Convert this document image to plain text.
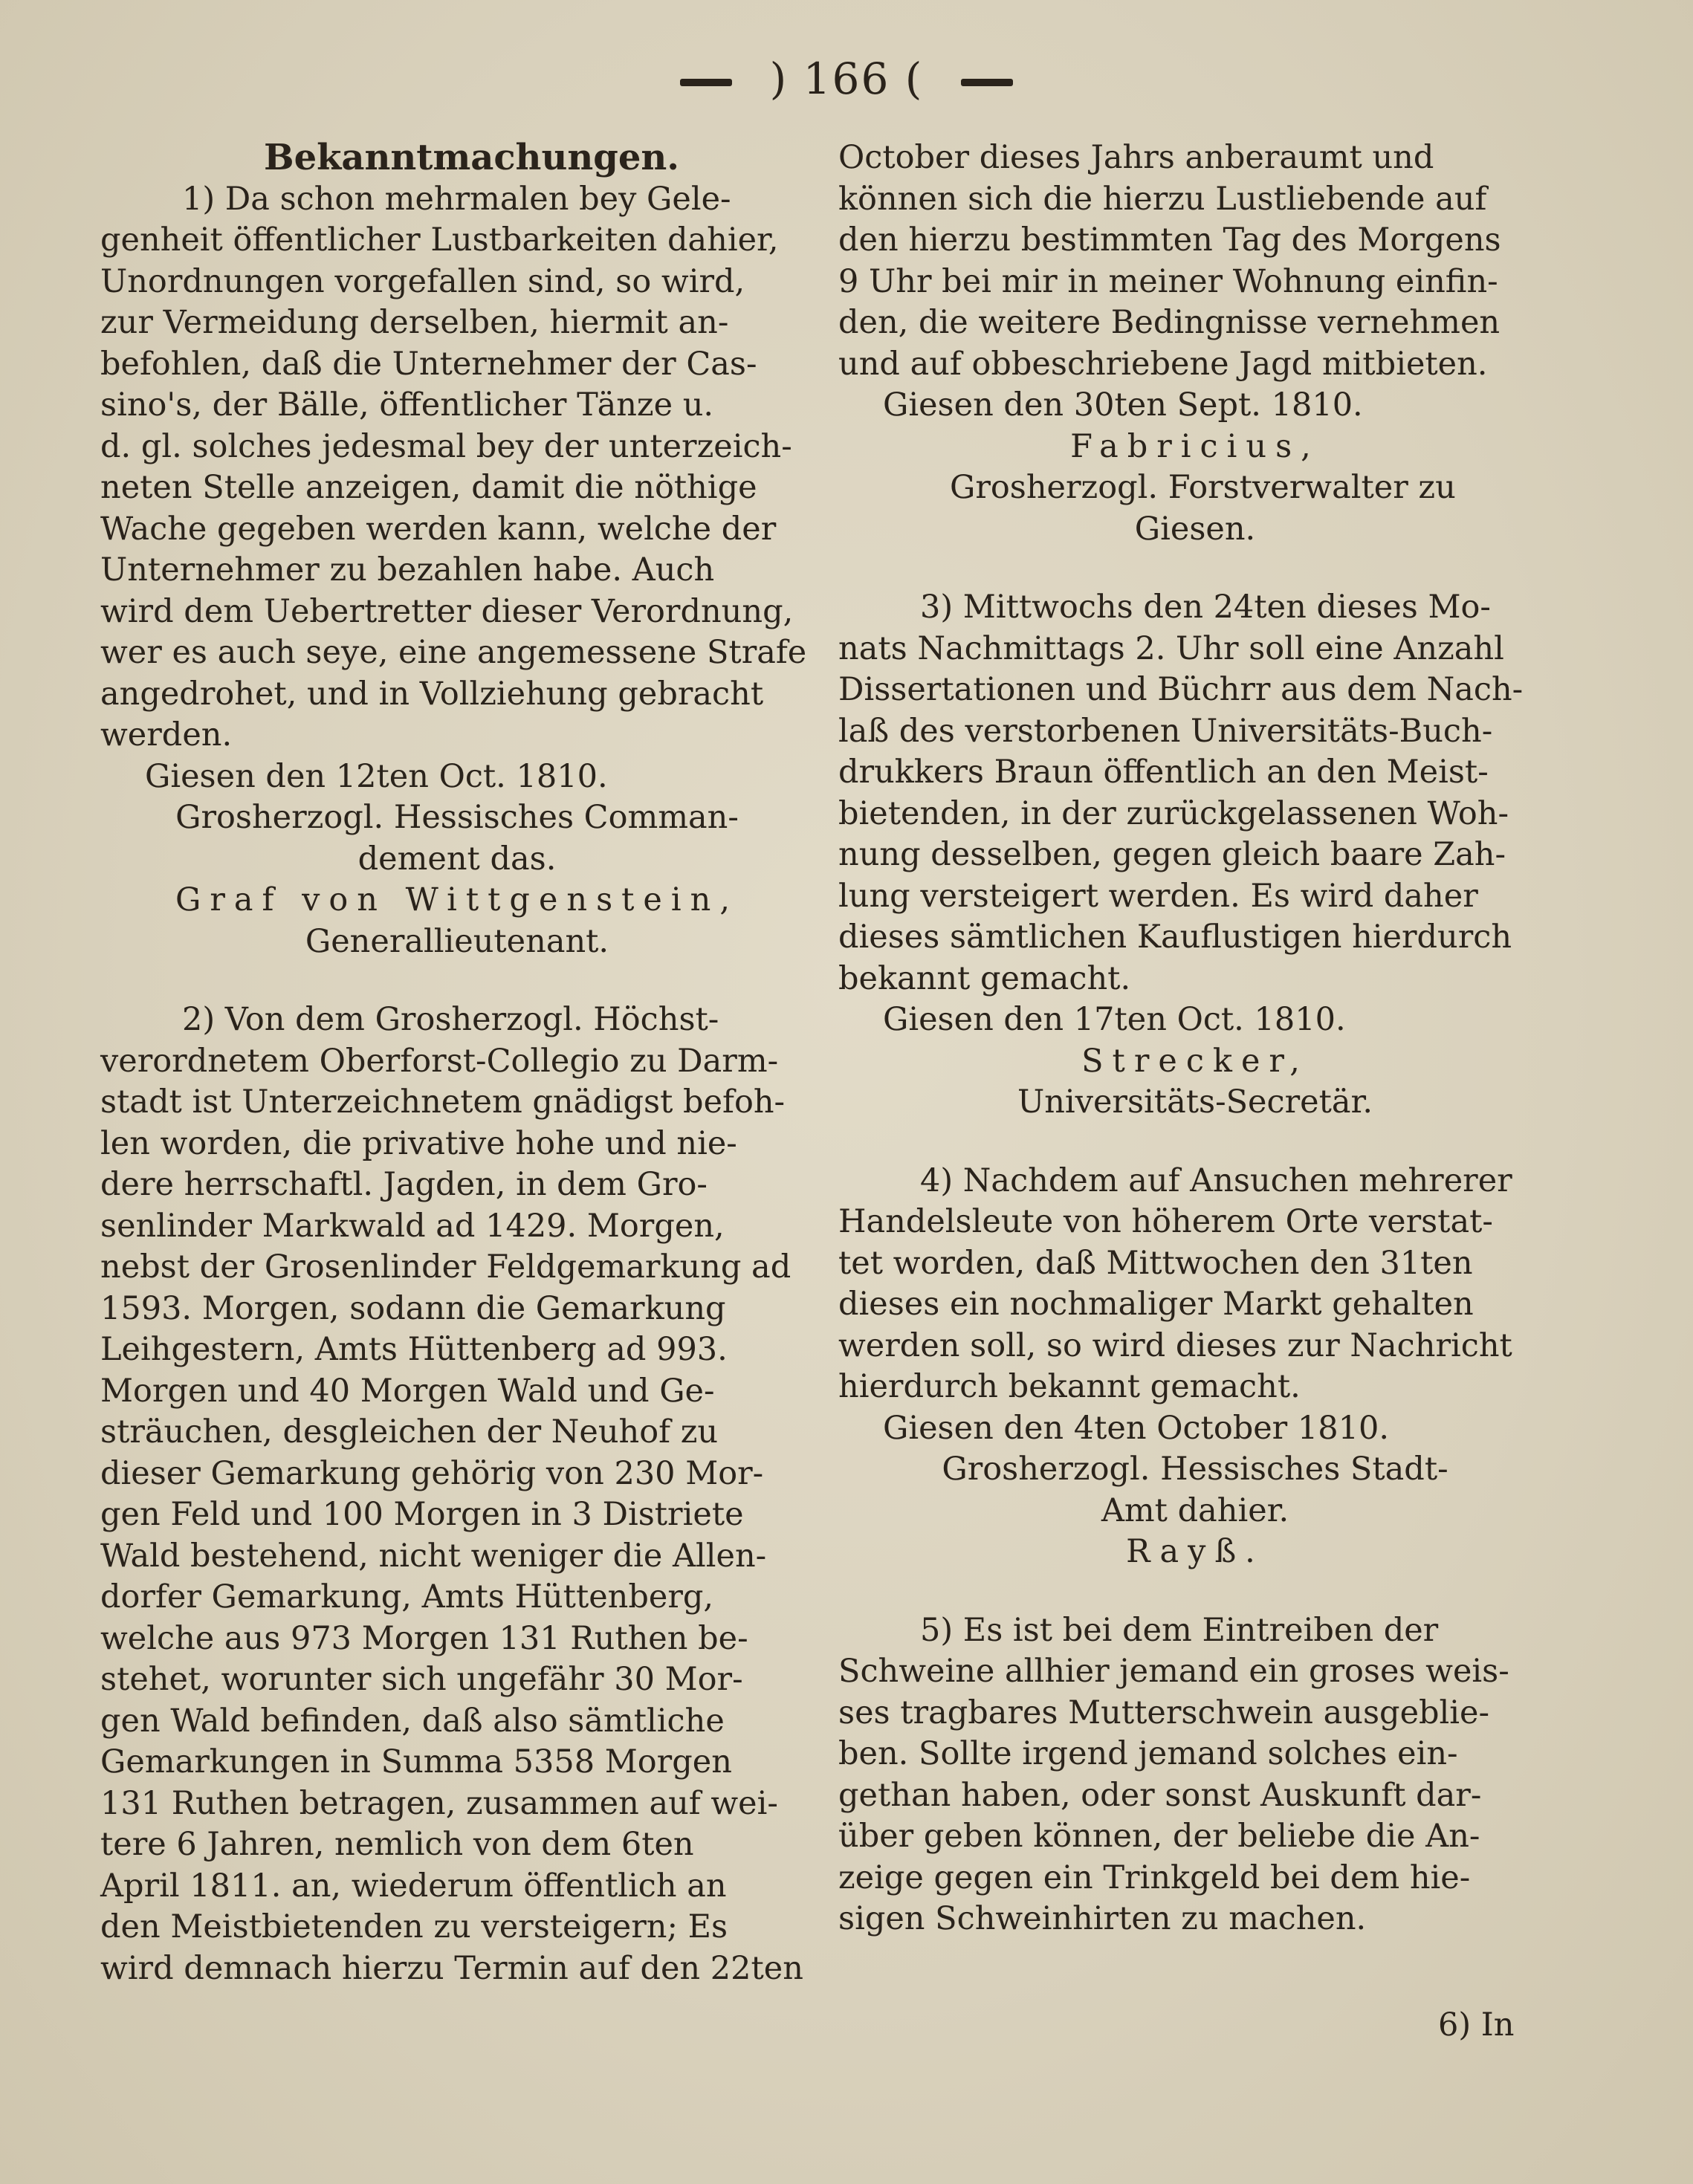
) 166 (

Bekanntmachungen.

1) Da schon mehrmalen bey Gele-

genheit öffentlicher Lustbarkeiten dahier,

Unordnungen vorgefallen sind, so wird,

zur Vermeidung derselben, hiermit an-

befohlen, daß die Unternehmer der Cas-

sino's, der Bälle, öffentlicher Tänze u.

d. gl. solches jedesmal bey der unterzeich-

neten Stelle anzeigen, damit die nöthige

Wache gegeben werden kann, welche der

Unternehmer zu bezahlen habe. Auch

wird dem Uebertretter dieser Verordnung,

wer es auch seye, eine angemessene Strafe

angedrohet, und in Vollziehung gebracht

werden.

Giesen den 12ten Oct. 1810.

Grosherzogl. Hessisches Comman-

dement das.

Graf von Wittgenstein,

Generallieutenant.

2) Von dem Grosherzogl. Höchst-

verordnetem Oberforst-Collegio zu Darm-

stadt ist Unterzeichnetem gnädigst befoh-

len worden, die privative hohe und nie-

dere herrschaftl. Jagden, in dem Gro-

senlinder Markwald ad 1429. Morgen,

nebst der Grosenlinder Feldgemarkung ad

1593. Morgen, sodann die Gemarkung

Leihgestern, Amts Hüttenberg ad 993.

Morgen und 40 Morgen Wald und Ge-

sträuchen, desgleichen der Neuhof zu

dieser Gemarkung gehörig von 230 Mor-

gen Feld und 100 Morgen in 3 Distriete

Wald bestehend, nicht weniger die Allen-

dorfer Gemarkung, Amts Hüttenberg,

welche aus 973 Morgen 131 Ruthen be-

stehet, worunter sich ungefähr 30 Mor-

gen Wald befinden, daß also sämtliche

Gemarkungen in Summa 5358 Morgen

131 Ruthen betragen, zusammen auf wei-

tere 6 Jahren, nemlich von dem 6ten

April 1811. an, wiederum öffentlich an

den Meistbietenden zu versteigern; Es

wird demnach hierzu Termin auf den 22ten

October dieses Jahrs anberaumt und

können sich die hierzu Lustliebende auf

den hierzu bestimmten Tag des Morgens

9 Uhr bei mir in meiner Wohnung einfin-

den, die weitere Bedingnisse vernehmen

und auf obbeschriebene Jagd mitbieten.

Giesen den 30ten Sept. 1810.

Fabricius,

Grosherzogl. Forstverwalter zu

Giesen.

3) Mittwochs den 24ten dieses Mo-

nats Nachmittags 2. Uhr soll eine Anzahl

Dissertationen und Büchrr aus dem Nach-

laß des verstorbenen Universitäts-Buch-

drukkers Braun öffentlich an den Meist-

bietenden, in der zurückgelassenen Woh-

nung desselben, gegen gleich baare Zah-

lung versteigert werden. Es wird daher

dieses sämtlichen Kauflustigen hierdurch

bekannt gemacht.

Giesen den 17ten Oct. 1810.

Strecker,

Universitäts-Secretär.

4) Nachdem auf Ansuchen mehrerer

Handelsleute von höherem Orte verstat-

tet worden, daß Mittwochen den 31ten

dieses ein nochmaliger Markt gehalten

werden soll, so wird dieses zur Nachricht

hierdurch bekannt gemacht.

Giesen den 4ten October 1810.

Grosherzogl. Hessisches Stadt-

Amt dahier.

Rayß.

5) Es ist bei dem Eintreiben der

Schweine allhier jemand ein groses weis-

ses tragbares Mutterschwein ausgeblie-

ben. Sollte irgend jemand solches ein-

gethan haben, oder sonst Auskunft dar-

über geben können, der beliebe die An-

zeige gegen ein Trinkgeld bei dem hie-

sigen Schweinhirten zu machen.

6) In
